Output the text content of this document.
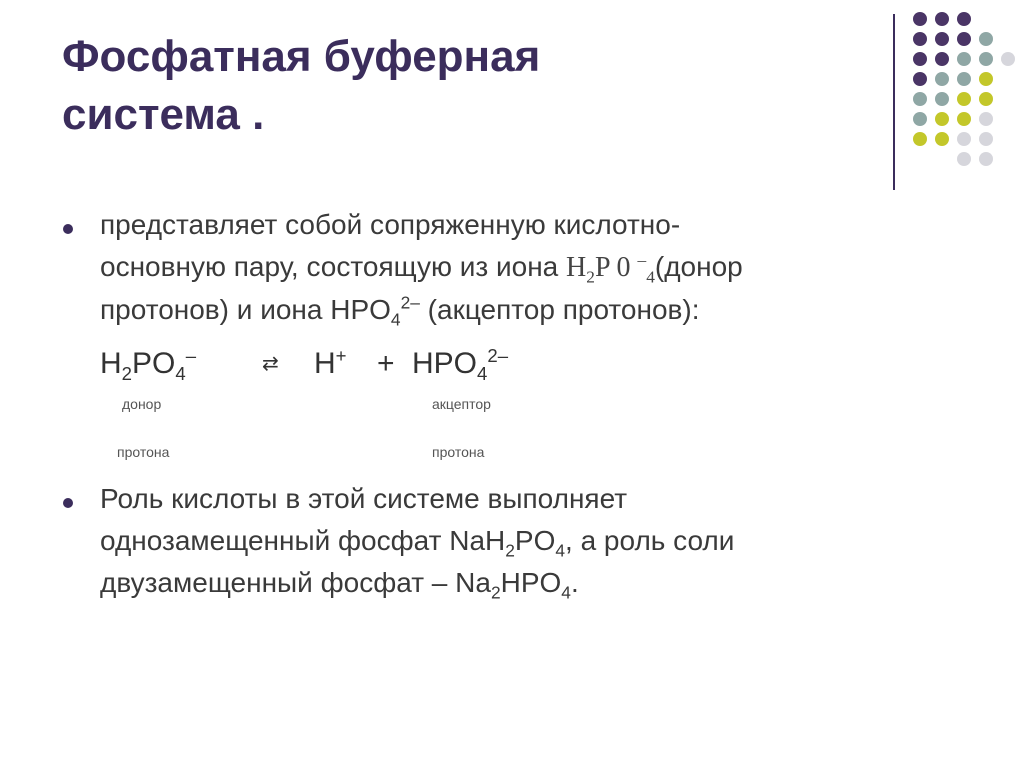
Фосфатная буферная
система .
представляет собой сопряженную кислотно-
основную пару, состоящую из иона $H_2P$ 0 –$_4$(донор
протонов) и иона $HPO_4^{2-}$ (акцептор протонов):
$H_2PO_4^-$	⇄ $H^+ + HPO_4^{2-}$
донор	акцептор
протона	протона
Роль кислоты в этой системе выполняет
однозамещенный фосфат $NaH_2PO_4$, а роль соли
двузамещенный фосфат – $Na_2HPO_4$.
